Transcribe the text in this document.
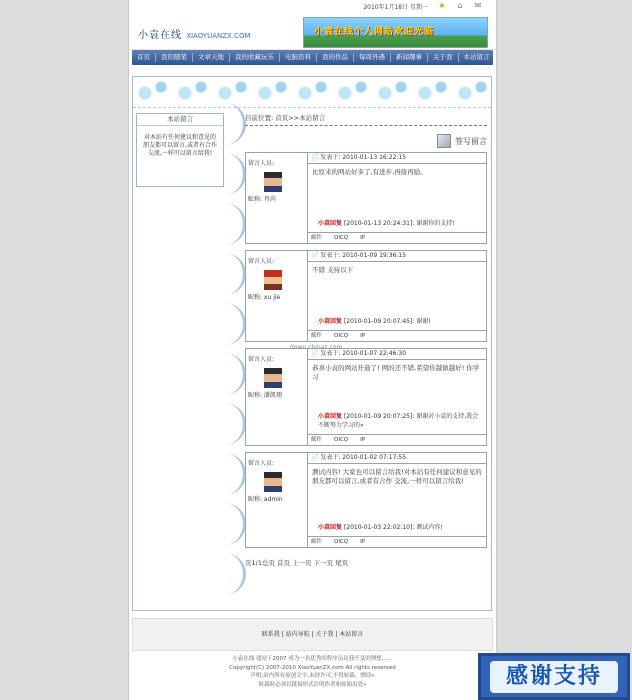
2010年1月18日 星期一 ★ ⌂ ✉
小袁在线 XIAOYUANZX.COM	小袁在线个人网站欢迎光临
首页	我的随笔	文章天地	我的收藏玩乐	电脑资料	我的作品	每周外遇	新闻趣事	关于我	本站留言
本站留言
对本站有任何建议和意见的朋友都可以留言,或者有合作交流,一样可以留言给我!
目前位置: 首页>>本站留言
签写留言
留言人员:
昵称: 肖尚
📄 发表于: 2010-01-13 16:22:15
比原来的网站好多了,有进步,再接再励。
小袁回复 [2010-01-13 20:24:31]: 谢谢你的支持!
邮件 OICQ IP
留言人员:
昵称: xu jie
📄 发表于: 2010-01-09 19:36:15
不错 支持以下
小袁回复 [2010-01-09 20:07:45]: 谢谢!
邮件 OICQ IP
留言人员:
昵称: 潘凯翔
📄 发表于: 2010-01-07 22:46:30
恭喜小袁的网站开通了! 网的还不错,希望你越做越好! 你学习
小袁回复 [2010-01-09 20:07:25]: 谢谢对小袁的支持,我会不断努力学习的»
邮件 OICQ IP
留言人员:
昵称: admin
📄 发表于: 2010-01-02 07:17:55
测试内容! 大家也可以留言给我!对本站有任何建议和意见的朋友都可以留言,或者有合作 交流,一样可以留言给我!
小袁回复 [2010-01-03 22:02:10]: 测试内容!
邮件 OICQ IP
页1/1总页 首页 上一页 下一页 尾页
联系我 | 站内导航 | 关于我 | 本站留言
小袁在线 建站于2007 成为一名优秀的程序员是我不变的理想……
Copyright(C) 2007-2010 XiaoYuanZX.com All rights reserved
声明:站内所有原创文字,未经许可,不得转载、剽窃»
转载时必须以链接形式注明作者和原始出处»
down.chinaz.com
感谢支持
